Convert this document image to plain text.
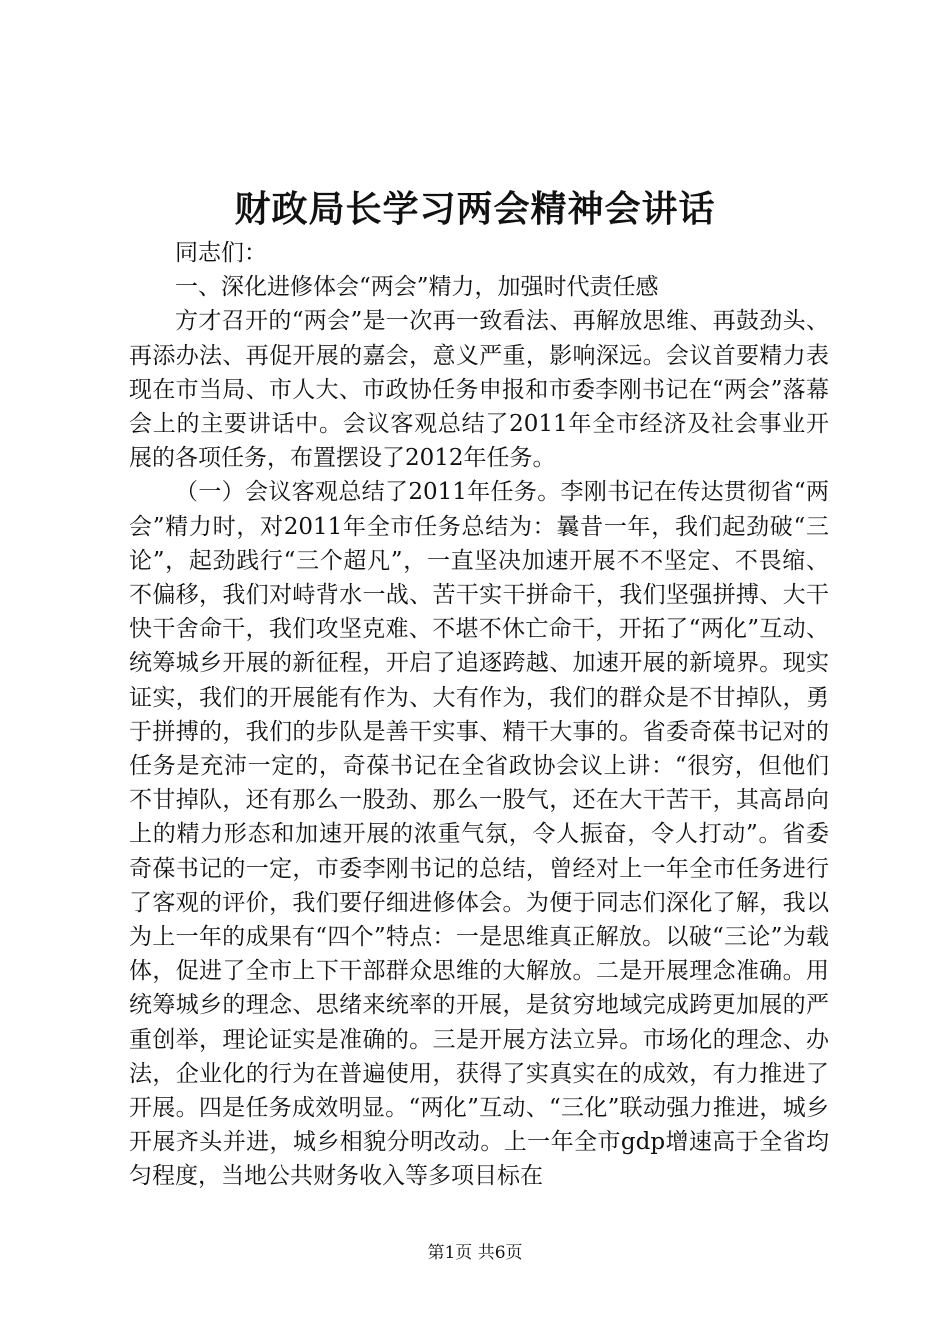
财政局长学习两会精神会讲话

同志们：

一、深化进修体会“两会”精力，加强时代责任感

方才召开的“两会”是一次再一致看法、再解放思维、再鼓劲头、再添办法、再促开展的嘉会，意义严重，影响深远。会议首要精力表现在市当局、市人大、市政协任务申报和市委李刚书记在“两会”落幕会上的主要讲话中。会议客观总结了2011年全市经济及社会事业开展的各项任务，布置摆设了2012年任务。

（一）会议客观总结了2011年任务。李刚书记在传达贯彻省“两会”精力时，对2011年全市任务总结为：曩昔一年，我们起劲破“三论”，起劲践行“三个超凡”，一直坚决加速开展不不坚定、不畏缩、不偏移，我们对峙背水一战、苦干实干拼命干，我们坚强拼搏、大干快干舍命干，我们攻坚克难、不堪不休亡命干，开拓了“两化”互动、统筹城乡开展的新征程，开启了追逐跨越、加速开展的新境界。现实证实，我们的开展能有作为、大有作为，我们的群众是不甘掉队，勇于拼搏的，我们的步队是善干实事、精干大事的。省委奇葆书记对的任务是充沛一定的，奇葆书记在全省政协会议上讲：“很穷，但他们不甘掉队，还有那么一股劲、那么一股气，还在大干苦干，其高昂向上的精力形态和加速开展的浓重气氛，令人振奋，令人打动”。省委奇葆书记的一定，市委李刚书记的总结，曾经对上一年全市任务进行了客观的评价，我们要仔细进修体会。为便于同志们深化了解，我以为上一年的成果有“四个”特点：一是思维真正解放。以破“三论”为载体，促进了全市上下干部群众思维的大解放。二是开展理念准确。用统筹城乡的理念、思绪来统率的开展，是贫穷地域完成跨更加展的严重创举，理论证实是准确的。三是开展方法立异。市场化的理念、办法，企业化的行为在普遍使用，获得了实真实在的成效，有力推进了开展。四是任务成效明显。“两化”互动、“三化”联动强力推进，城乡开展齐头并进，城乡相貌分明改动。上一年全市gdp增速高于全省均匀程度，当地公共财务收入等多项目标在

第1页 共6页
